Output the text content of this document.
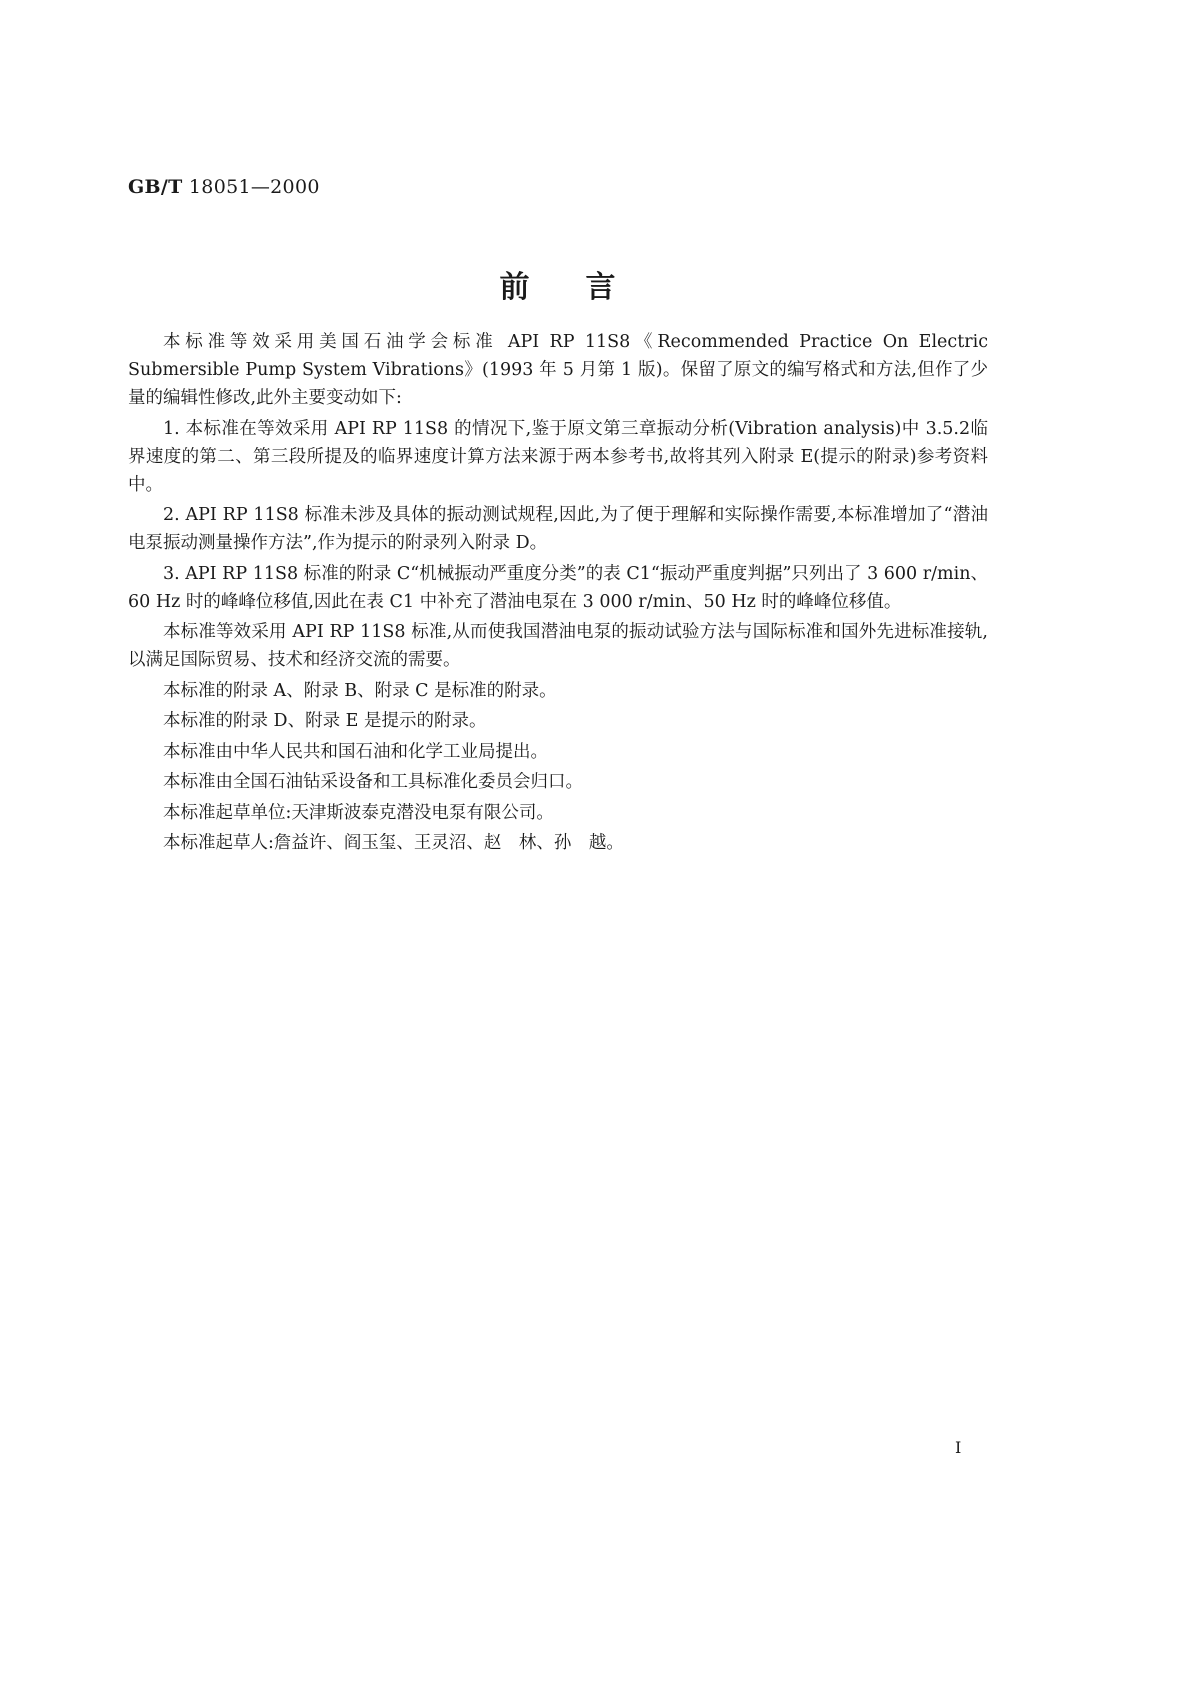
GB/T 18051—2000
前言

本标准等效采用美国石油学会标准 API RP 11S8《Recommended Practice On Electric Submersible Pump System Vibrations》(1993 年 5 月第 1 版)。保留了原文的编写格式和方法,但作了少量的编辑性修改,此外主要变动如下:

1. 本标准在等效采用 API RP 11S8 的情况下,鉴于原文第三章振动分析(Vibration analysis)中 3.5.2临界速度的第二、第三段所提及的临界速度计算方法来源于两本参考书,故将其列入附录 E(提示的附录)参考资料中。

2. API RP 11S8 标准未涉及具体的振动测试规程,因此,为了便于理解和实际操作需要,本标准增加了“潜油电泵振动测量操作方法”,作为提示的附录列入附录 D。

3. API RP 11S8 标准的附录 C“机械振动严重度分类”的表 C1“振动严重度判据”只列出了 3 600 r/min、60 Hz 时的峰峰位移值,因此在表 C1 中补充了潜油电泵在 3 000 r/min、50 Hz 时的峰峰位移值。

本标准等效采用 API RP 11S8 标准,从而使我国潜油电泵的振动试验方法与国际标准和国外先进标准接轨,以满足国际贸易、技术和经济交流的需要。

本标准的附录 A、附录 B、附录 C 是标准的附录。

本标准的附录 D、附录 E 是提示的附录。

本标准由中华人民共和国石油和化学工业局提出。

本标准由全国石油钻采设备和工具标准化委员会归口。

本标准起草单位:天津斯波泰克潜没电泵有限公司。

本标准起草人:詹益许、阎玉玺、王灵沼、赵　林、孙　越。

I
